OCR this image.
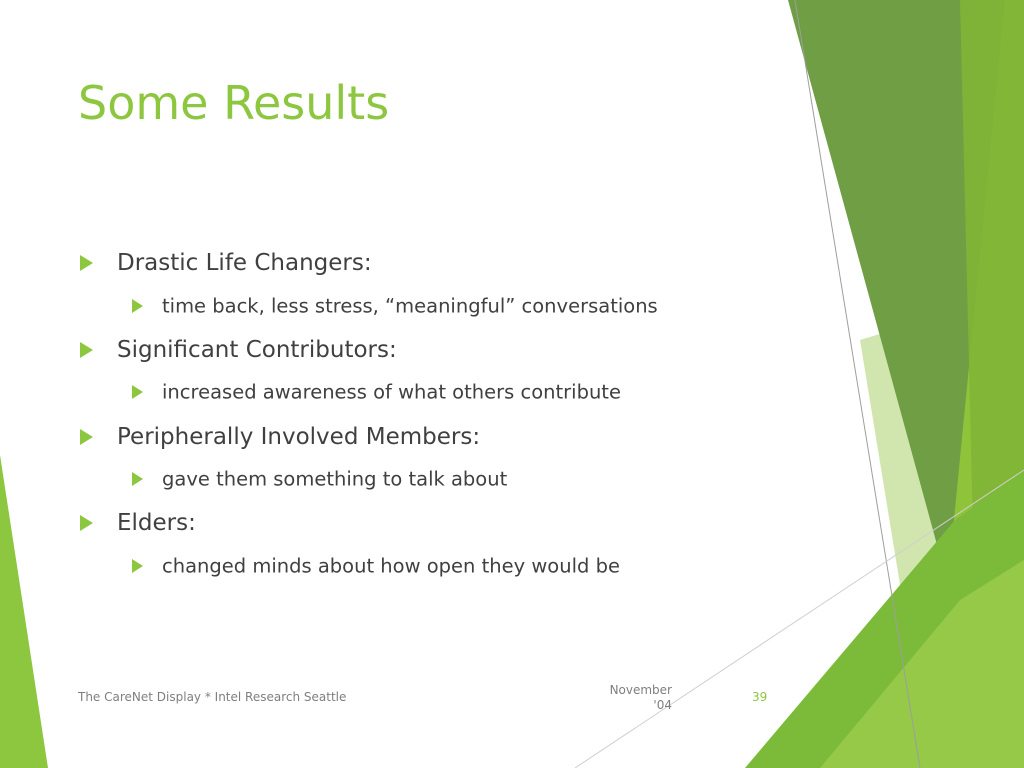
Some Results
Drastic Life Changers:
time back, less stress, “meaningful” conversations
Significant Contributors:
increased awareness of what others contribute
Peripherally Involved Members:
gave them something to talk about
Elders:
changed minds about how open they would be
The CareNet Display * Intel Research Seattle	November '04
39
